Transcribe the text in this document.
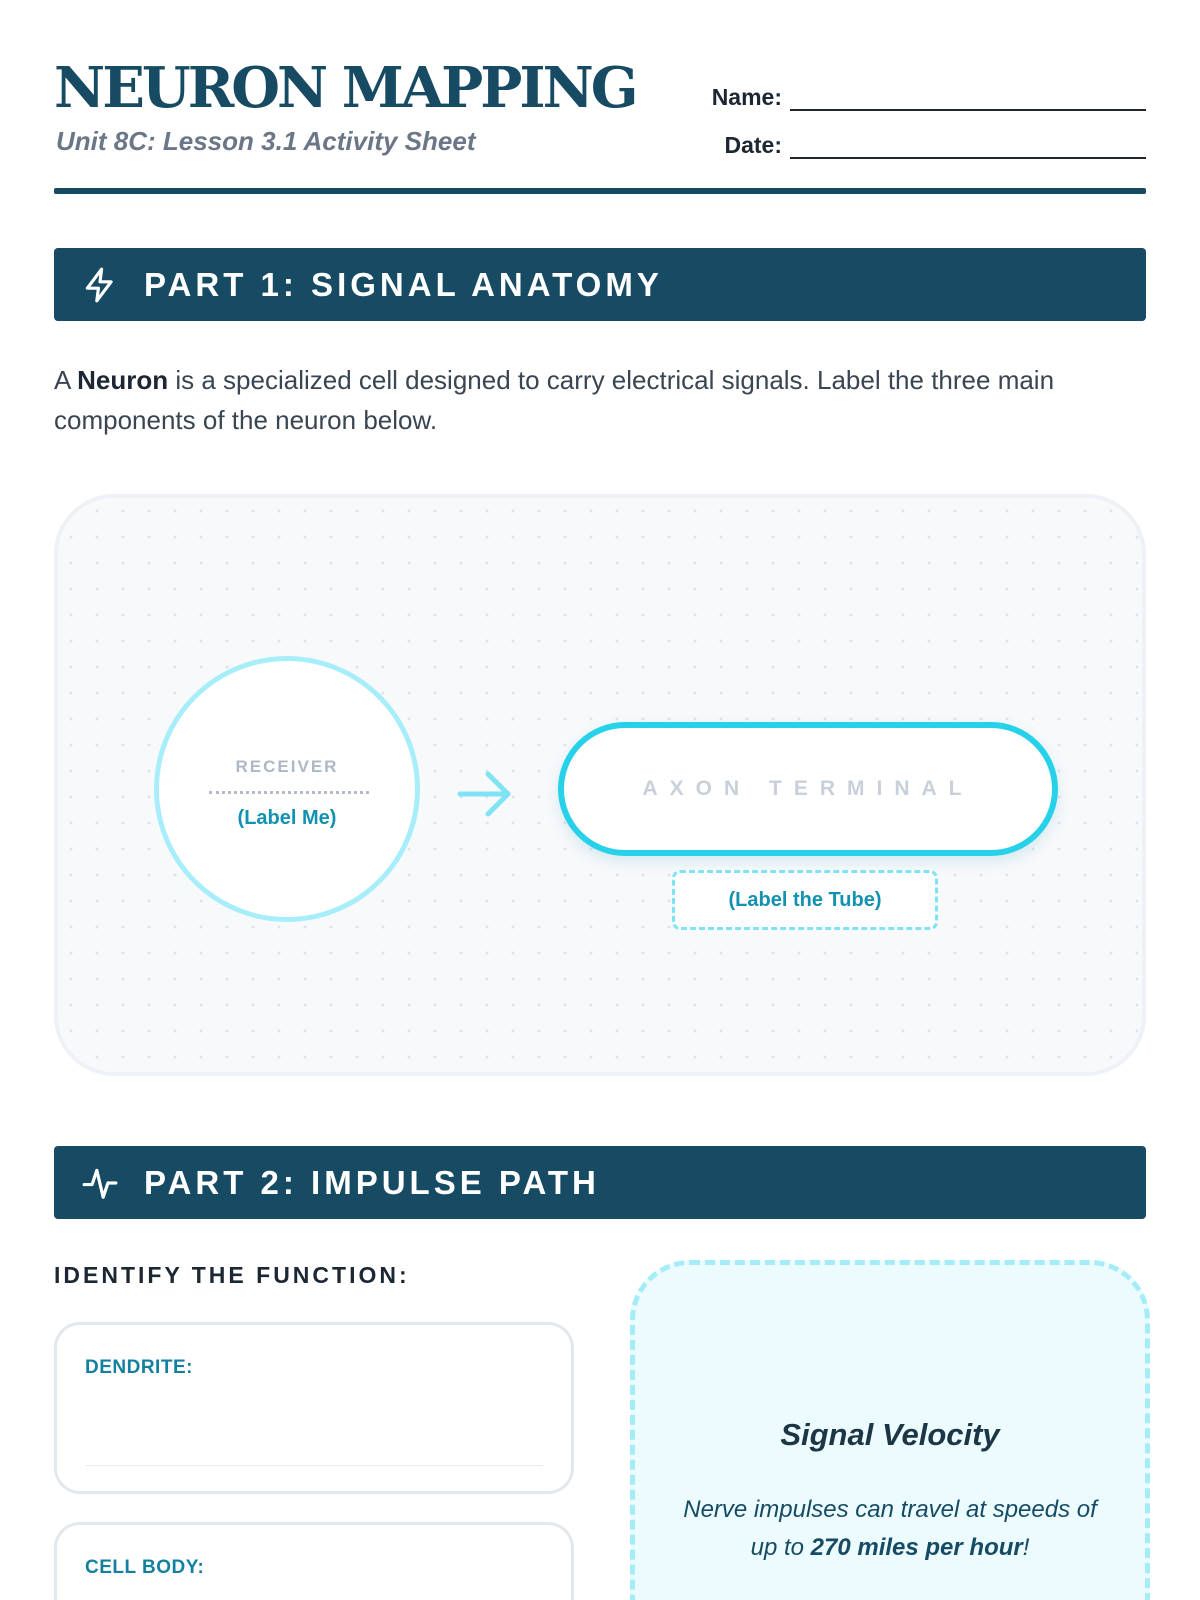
NEURON MAPPING
Unit 8C: Lesson 3.1 Activity Sheet
Name:
Date:
PART 1: SIGNAL ANATOMY

A Neuron is a specialized cell designed to carry electrical signals. Label the three main components of the neuron below.

RECEIVER
(Label Me)
AXON TERMINAL
(Label the Tube)
PART 2: IMPULSE PATH
IDENTIFY THE FUNCTION:
DENDRITE:
CELL BODY:
Signal Velocity
Nerve impulses can travel at speeds of up to 270 miles per hour!
